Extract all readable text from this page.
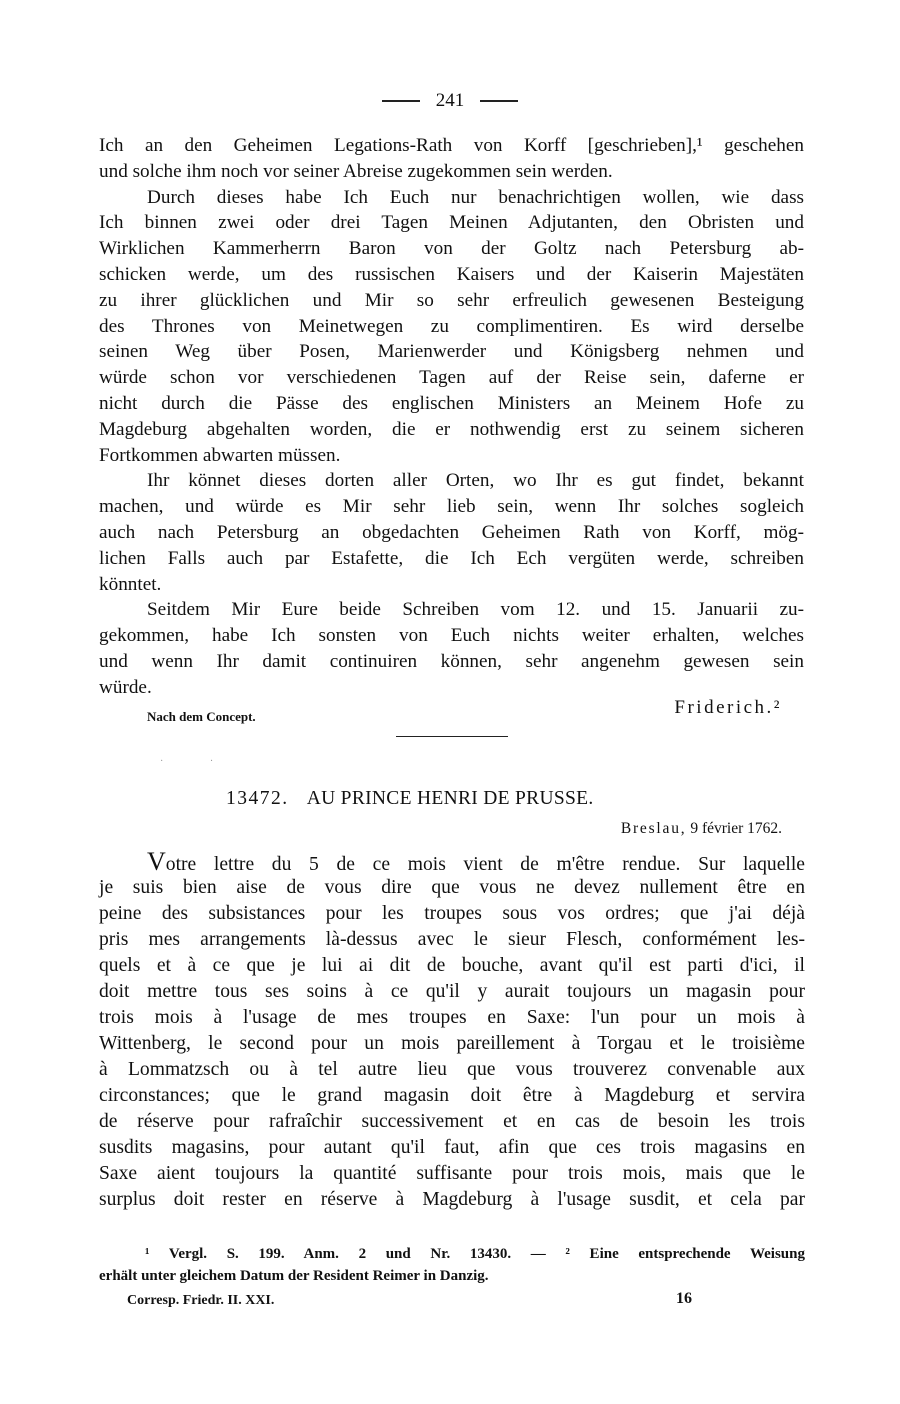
241
Ich an den Geheimen Legations-Rath von Korff [geschrieben],¹ geschehen
und solche ihm noch vor seiner Abreise zugekommen sein werden.
Durch dieses habe Ich Euch nur benachrichtigen wollen, wie dass
Ich binnen zwei oder drei Tagen Meinen Adjutanten, den Obristen und
Wirklichen Kammerherrn Baron von der Goltz nach Petersburg ab-
schicken werde, um des russischen Kaisers und der Kaiserin Majestäten
zu ihrer glücklichen und Mir so sehr erfreulich gewesenen Besteigung
des Thrones von Meinetwegen zu complimentiren. Es wird derselbe
seinen Weg über Posen, Marienwerder und Königsberg nehmen und
würde schon vor verschiedenen Tagen auf der Reise sein, daferne er
nicht durch die Pässe des englischen Ministers an Meinem Hofe zu
Magdeburg abgehalten worden, die er nothwendig erst zu seinem sicheren
Fortkommen abwarten müssen.
Ihr könnet dieses dorten aller Orten, wo Ihr es gut findet, bekannt
machen, und würde es Mir sehr lieb sein, wenn Ihr solches sogleich
auch nach Petersburg an obgedachten Geheimen Rath von Korff, mög-
lichen Falls auch par Estafette, die Ich Ech vergüten werde, schreiben
könntet.
Seitdem Mir Eure beide Schreiben vom 12. und 15. Januarii zu-
gekommen, habe Ich sonsten von Euch nichts weiter erhalten, welches
und wenn Ihr damit continuiren können, sehr angenehm gewesen sein
würde.
Nach dem Concept.	Friderich.²
· ·
13472. AU PRINCE HENRI DE PRUSSE.
Breslau, 9 février 1762.
Votre lettre du 5 de ce mois vient de m'être rendue. Sur laquelle
je suis bien aise de vous dire que vous ne devez nullement être en
peine des subsistances pour les troupes sous vos ordres; que j'ai déjà
pris mes arrangements là-dessus avec le sieur Flesch, conformément les-
quels et à ce que je lui ai dit de bouche, avant qu'il est parti d'ici, il
doit mettre tous ses soins à ce qu'il y aurait toujours un magasin pour
trois mois à l'usage de mes troupes en Saxe: l'un pour un mois à
Wittenberg, le second pour un mois pareillement à Torgau et le troisième
à Lommatzsch ou à tel autre lieu que vous trouverez convenable aux
circonstances; que le grand magasin doit être à Magdeburg et servira
de réserve pour rafraîchir successivement et en cas de besoin les trois
susdits magasins, pour autant qu'il faut, afin que ces trois magasins en
Saxe aient toujours la quantité suffisante pour trois mois, mais que le
surplus doit rester en réserve à Magdeburg à l'usage susdit, et cela par
¹ Vergl. S. 199. Anm. 2 und Nr. 13430. — ² Eine entsprechende Weisung
erhält unter gleichem Datum der Resident Reimer in Danzig.
Corresp. Friedr. II. XXI.	16
